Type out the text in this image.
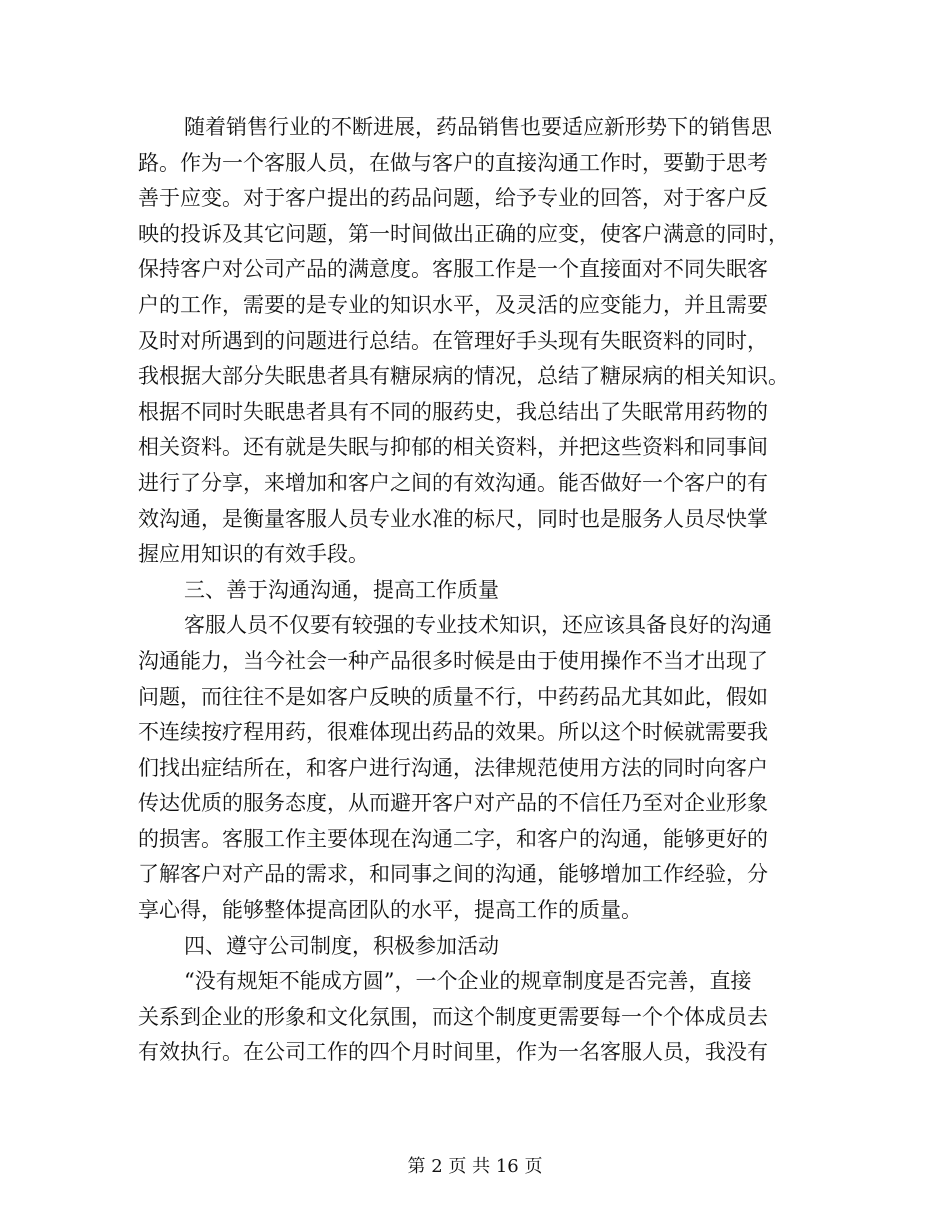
随着销售行业的不断进展，药品销售也要适应新形势下的销售思
路。作为一个客服人员，在做与客户的直接沟通工作时，要勤于思考
善于应变。对于客户提出的药品问题，给予专业的回答，对于客户反
映的投诉及其它问题，第一时间做出正确的应变，使客户满意的同时，
保持客户对公司产品的满意度。客服工作是一个直接面对不同失眠客
户的工作，需要的是专业的知识水平，及灵活的应变能力，并且需要
及时对所遇到的问题进行总结。在管理好手头现有失眠资料的同时，
我根据大部分失眠患者具有糖尿病的情况，总结了糖尿病的相关知识。
根据不同时失眠患者具有不同的服药史，我总结出了失眠常用药物的
相关资料。还有就是失眠与抑郁的相关资料，并把这些资料和同事间
进行了分享，来增加和客户之间的有效沟通。能否做好一个客户的有
效沟通，是衡量客服人员专业水准的标尺，同时也是服务人员尽快掌
握应用知识的有效手段。
三、善于沟通沟通，提高工作质量
客服人员不仅要有较强的专业技术知识，还应该具备良好的沟通
沟通能力，当今社会一种产品很多时候是由于使用操作不当才出现了
问题，而往往不是如客户反映的质量不行，中药药品尤其如此，假如
不连续按疗程用药，很难体现出药品的效果。所以这个时候就需要我
们找出症结所在，和客户进行沟通，法律规范使用方法的同时向客户
传达优质的服务态度，从而避开客户对产品的不信任乃至对企业形象
的损害。客服工作主要体现在沟通二字，和客户的沟通，能够更好的
了解客户对产品的需求，和同事之间的沟通，能够增加工作经验，分
享心得，能够整体提高团队的水平，提高工作的质量。
四、遵守公司制度，积极参加活动
“没有规矩不能成方圆”，一个企业的规章制度是否完善，直接
关系到企业的形象和文化氛围，而这个制度更需要每一个个体成员去
有效执行。在公司工作的四个月时间里，作为一名客服人员，我没有
第 2 页 共 16 页
